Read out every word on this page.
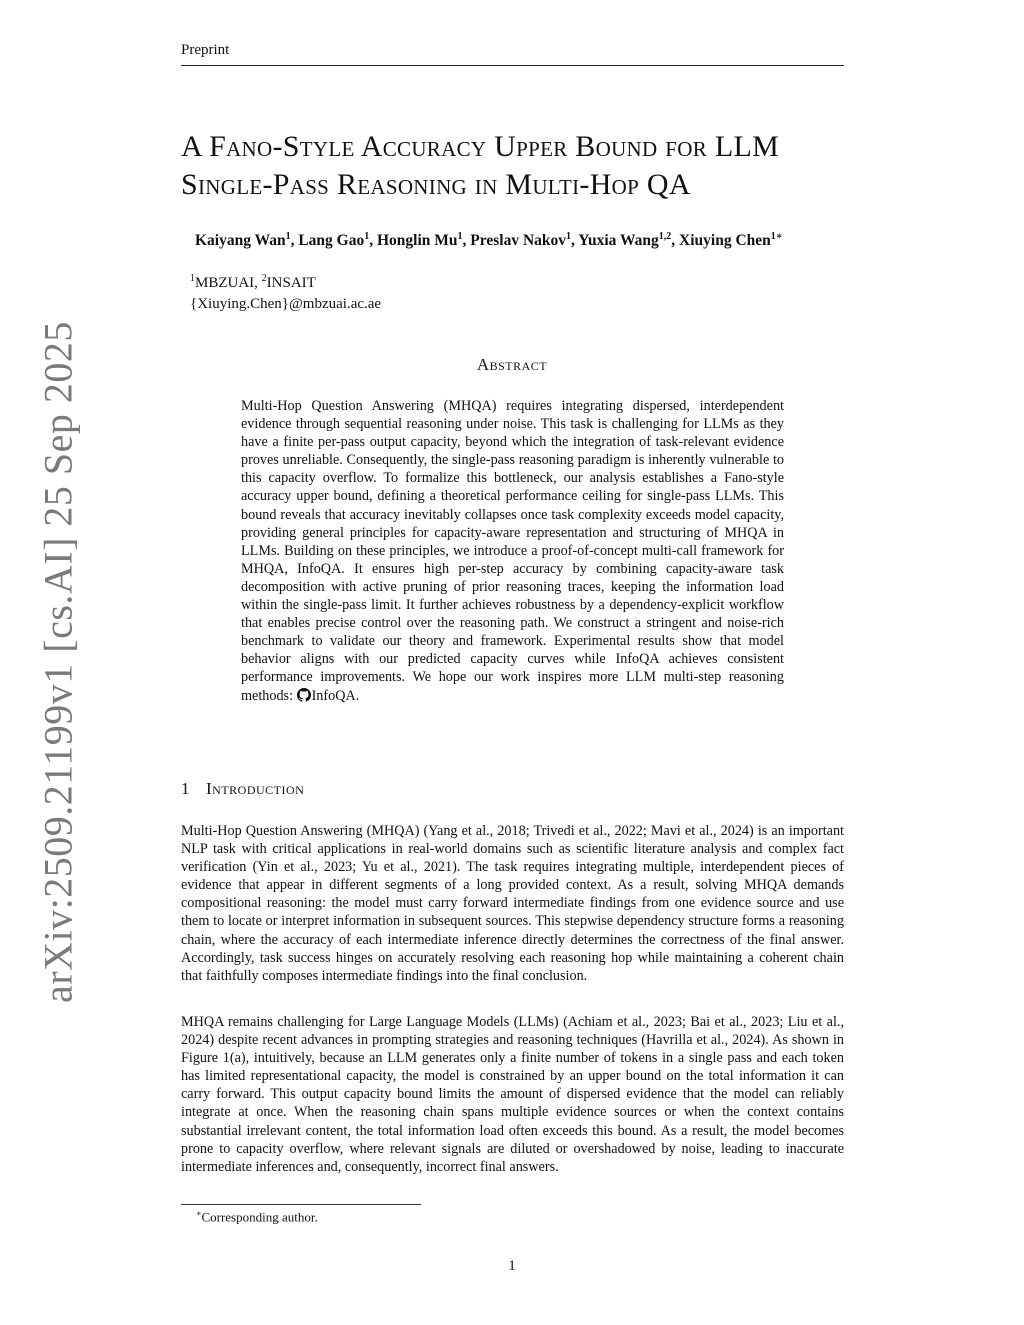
Preprint
arXiv:2509.21199v1 [cs.AI] 25 Sep 2025
A Fano-Style Accuracy Upper Bound for LLM
Single-Pass Reasoning in Multi-Hop QA
Kaiyang Wan$^1$, Lang Gao$^1$, Honglin Mu$^1$, Preslav Nakov$^1$, Yuxia Wang$^{1,2}$, Xiuying Chen$^{1∗}$
$^1$MBZUAI, $^2$INSAIT
{Xiuying.Chen}@mbzuai.ac.ae
Abstract
Multi-Hop Question Answering (MHQA) requires integrating dispersed, interdependent evidence through sequential reasoning under noise. This task is challenging for LLMs as they have a finite per-pass output capacity, beyond which the integration of task-relevant evidence proves unreliable. Consequently, the single-pass reasoning paradigm is inherently vulnerable to this capacity overflow. To formalize this bottleneck, our analysis establishes a Fano-style accuracy upper bound, defining a theoretical performance ceiling for single-pass LLMs. This bound reveals that accuracy inevitably collapses once task complexity exceeds model capacity, providing general principles for capacity-aware representation and structuring of MHQA in LLMs. Building on these principles, we introduce a proof-of-concept multi-call framework for MHQA, InfoQA. It ensures high per-step accuracy by combining capacity-aware task decomposition with active pruning of prior reasoning traces, keeping the information load within the single-pass limit. It further achieves robustness by a dependency-explicit workflow that enables precise control over the reasoning path. We construct a stringent and noise-rich benchmark to validate our theory and framework. Experimental results show that model behavior aligns with our predicted capacity curves while InfoQA achieves consistent performance improvements. We hope our work inspires more LLM multi-step reasoning methods: InfoQA.
1 Introduction
Multi-Hop Question Answering (MHQA) (Yang et al., 2018; Trivedi et al., 2022; Mavi et al., 2024) is an important NLP task with critical applications in real-world domains such as scientific literature analysis and complex fact verification (Yin et al., 2023; Yu et al., 2021). The task requires integrating multiple, interdependent pieces of evidence that appear in different segments of a long provided context. As a result, solving MHQA demands compositional reasoning: the model must carry forward intermediate findings from one evidence source and use them to locate or interpret information in subsequent sources. This stepwise dependency structure forms a reasoning chain, where the accuracy of each intermediate inference directly determines the correctness of the final answer. Accordingly, task success hinges on accurately resolving each reasoning hop while maintaining a coherent chain that faithfully composes intermediate findings into the final conclusion.
MHQA remains challenging for Large Language Models (LLMs) (Achiam et al., 2023; Bai et al., 2023; Liu et al., 2024) despite recent advances in prompting strategies and reasoning techniques (Havrilla et al., 2024). As shown in Figure 1(a), intuitively, because an LLM generates only a finite number of tokens in a single pass and each token has limited representational capacity, the model is constrained by an upper bound on the total information it can carry forward. This output capacity bound limits the amount of dispersed evidence that the model can reliably integrate at once. When the reasoning chain spans multiple evidence sources or when the context contains substantial irrelevant content, the total information load often exceeds this bound. As a result, the model becomes prone to capacity overflow, where relevant signals are diluted or overshadowed by noise, leading to inaccurate intermediate inferences and, consequently, incorrect final answers.
∗Corresponding author.
1
